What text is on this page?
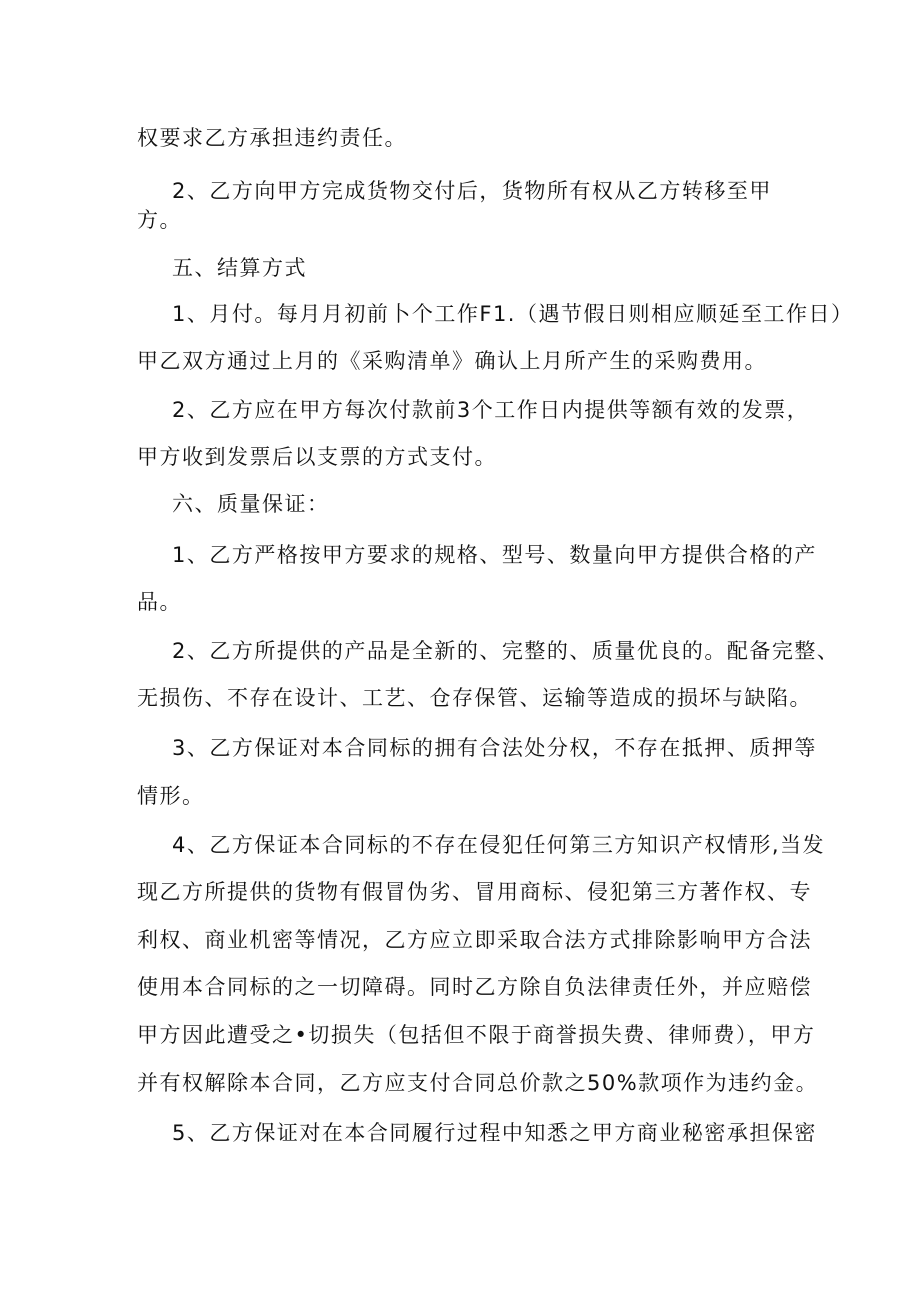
权要求乙方承担违约责任。
2、乙方向甲方完成货物交付后，货物所有权从乙方转移至甲
方。
五、结算方式
1、月付。每月月初前卜个工作F1.（遇节假日则相应顺延至工作日）
甲乙双方通过上月的《采购清单》确认上月所产生的采购费用。
2、乙方应在甲方每次付款前3个工作日内提供等额有效的发票，
甲方收到发票后以支票的方式支付。
六、质量保证：
1、乙方严格按甲方要求的规格、型号、数量向甲方提供合格的产
品。
2、乙方所提供的产品是全新的、完整的、质量优良的。配备完整、
无损伤、不存在设计、工艺、仓存保管、运输等造成的损坏与缺陷。
3、乙方保证对本合同标的拥有合法处分权，不存在抵押、质押等
情形。
4、乙方保证本合同标的不存在侵犯任何第三方知识产权情形,当发
现乙方所提供的货物有假冒伪劣、冒用商标、侵犯第三方著作权、专
利权、商业机密等情况，乙方应立即采取合法方式排除影响甲方合法
使用本合同标的之一切障碍。同时乙方除自负法律责任外，并应赔偿
甲方因此遭受之•切损失（包括但不限于商誉损失费、律师费），甲方
并有权解除本合同，乙方应支付合同总价款之50%款项作为违约金。
5、乙方保证对在本合同履行过程中知悉之甲方商业秘密承担保密
